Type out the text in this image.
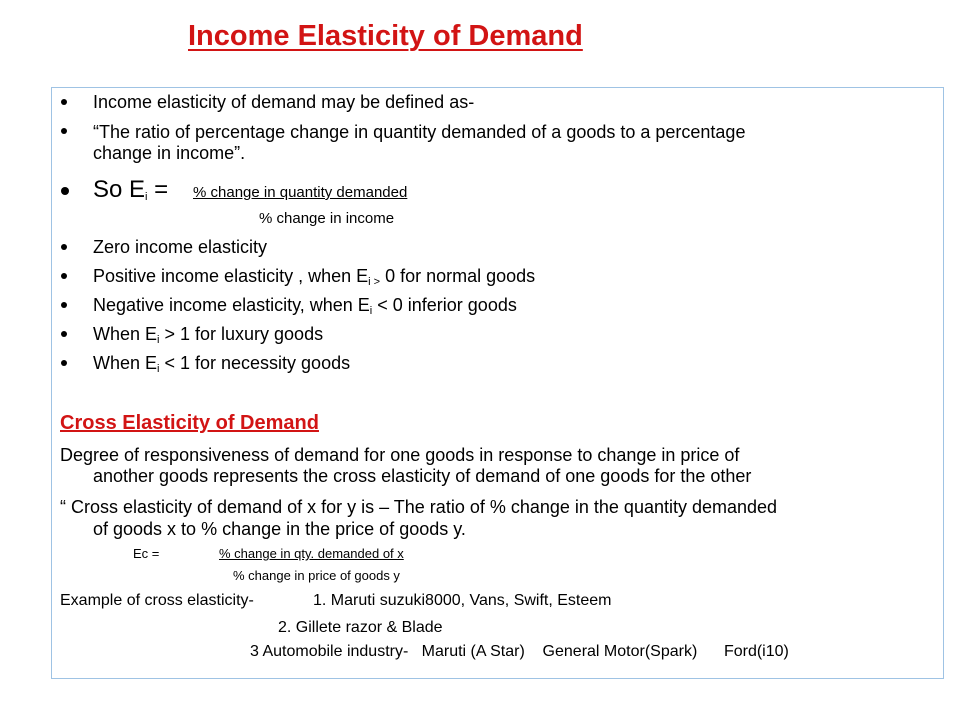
Income Elasticity of Demand
Income elasticity of demand may be defined as-
“The ratio of percentage change in quantity demanded of a goods to a percentage
change in income”.
So $E_i$ = % change in quantity demanded
% change in income
Zero income elasticity
Positive income elasticity , when $E_{i >}$ 0 for normal goods
Negative income elasticity, when $E_i < 0$ inferior goods
When $E_i > 1$ for luxury goods
When $E_i < 1$ for necessity goods
Cross Elasticity of Demand
Degree of responsiveness of demand for one goods in response to change in price of
another goods represents the cross elasticity of demand of one goods for the other
“ Cross elasticity of demand of x for y is – The ratio of % change in the quantity demanded
of goods x to % change in the price of goods y.
Ec =	% change in qty. demanded of x
% change in price of goods y
Example of cross elasticity-	1. Maruti suzuki8000, Vans, Swift, Esteem
2. Gillete razor & Blade
3 Automobile industry-   Maruti (A Star)    General Motor(Spark)      Ford(i10)
